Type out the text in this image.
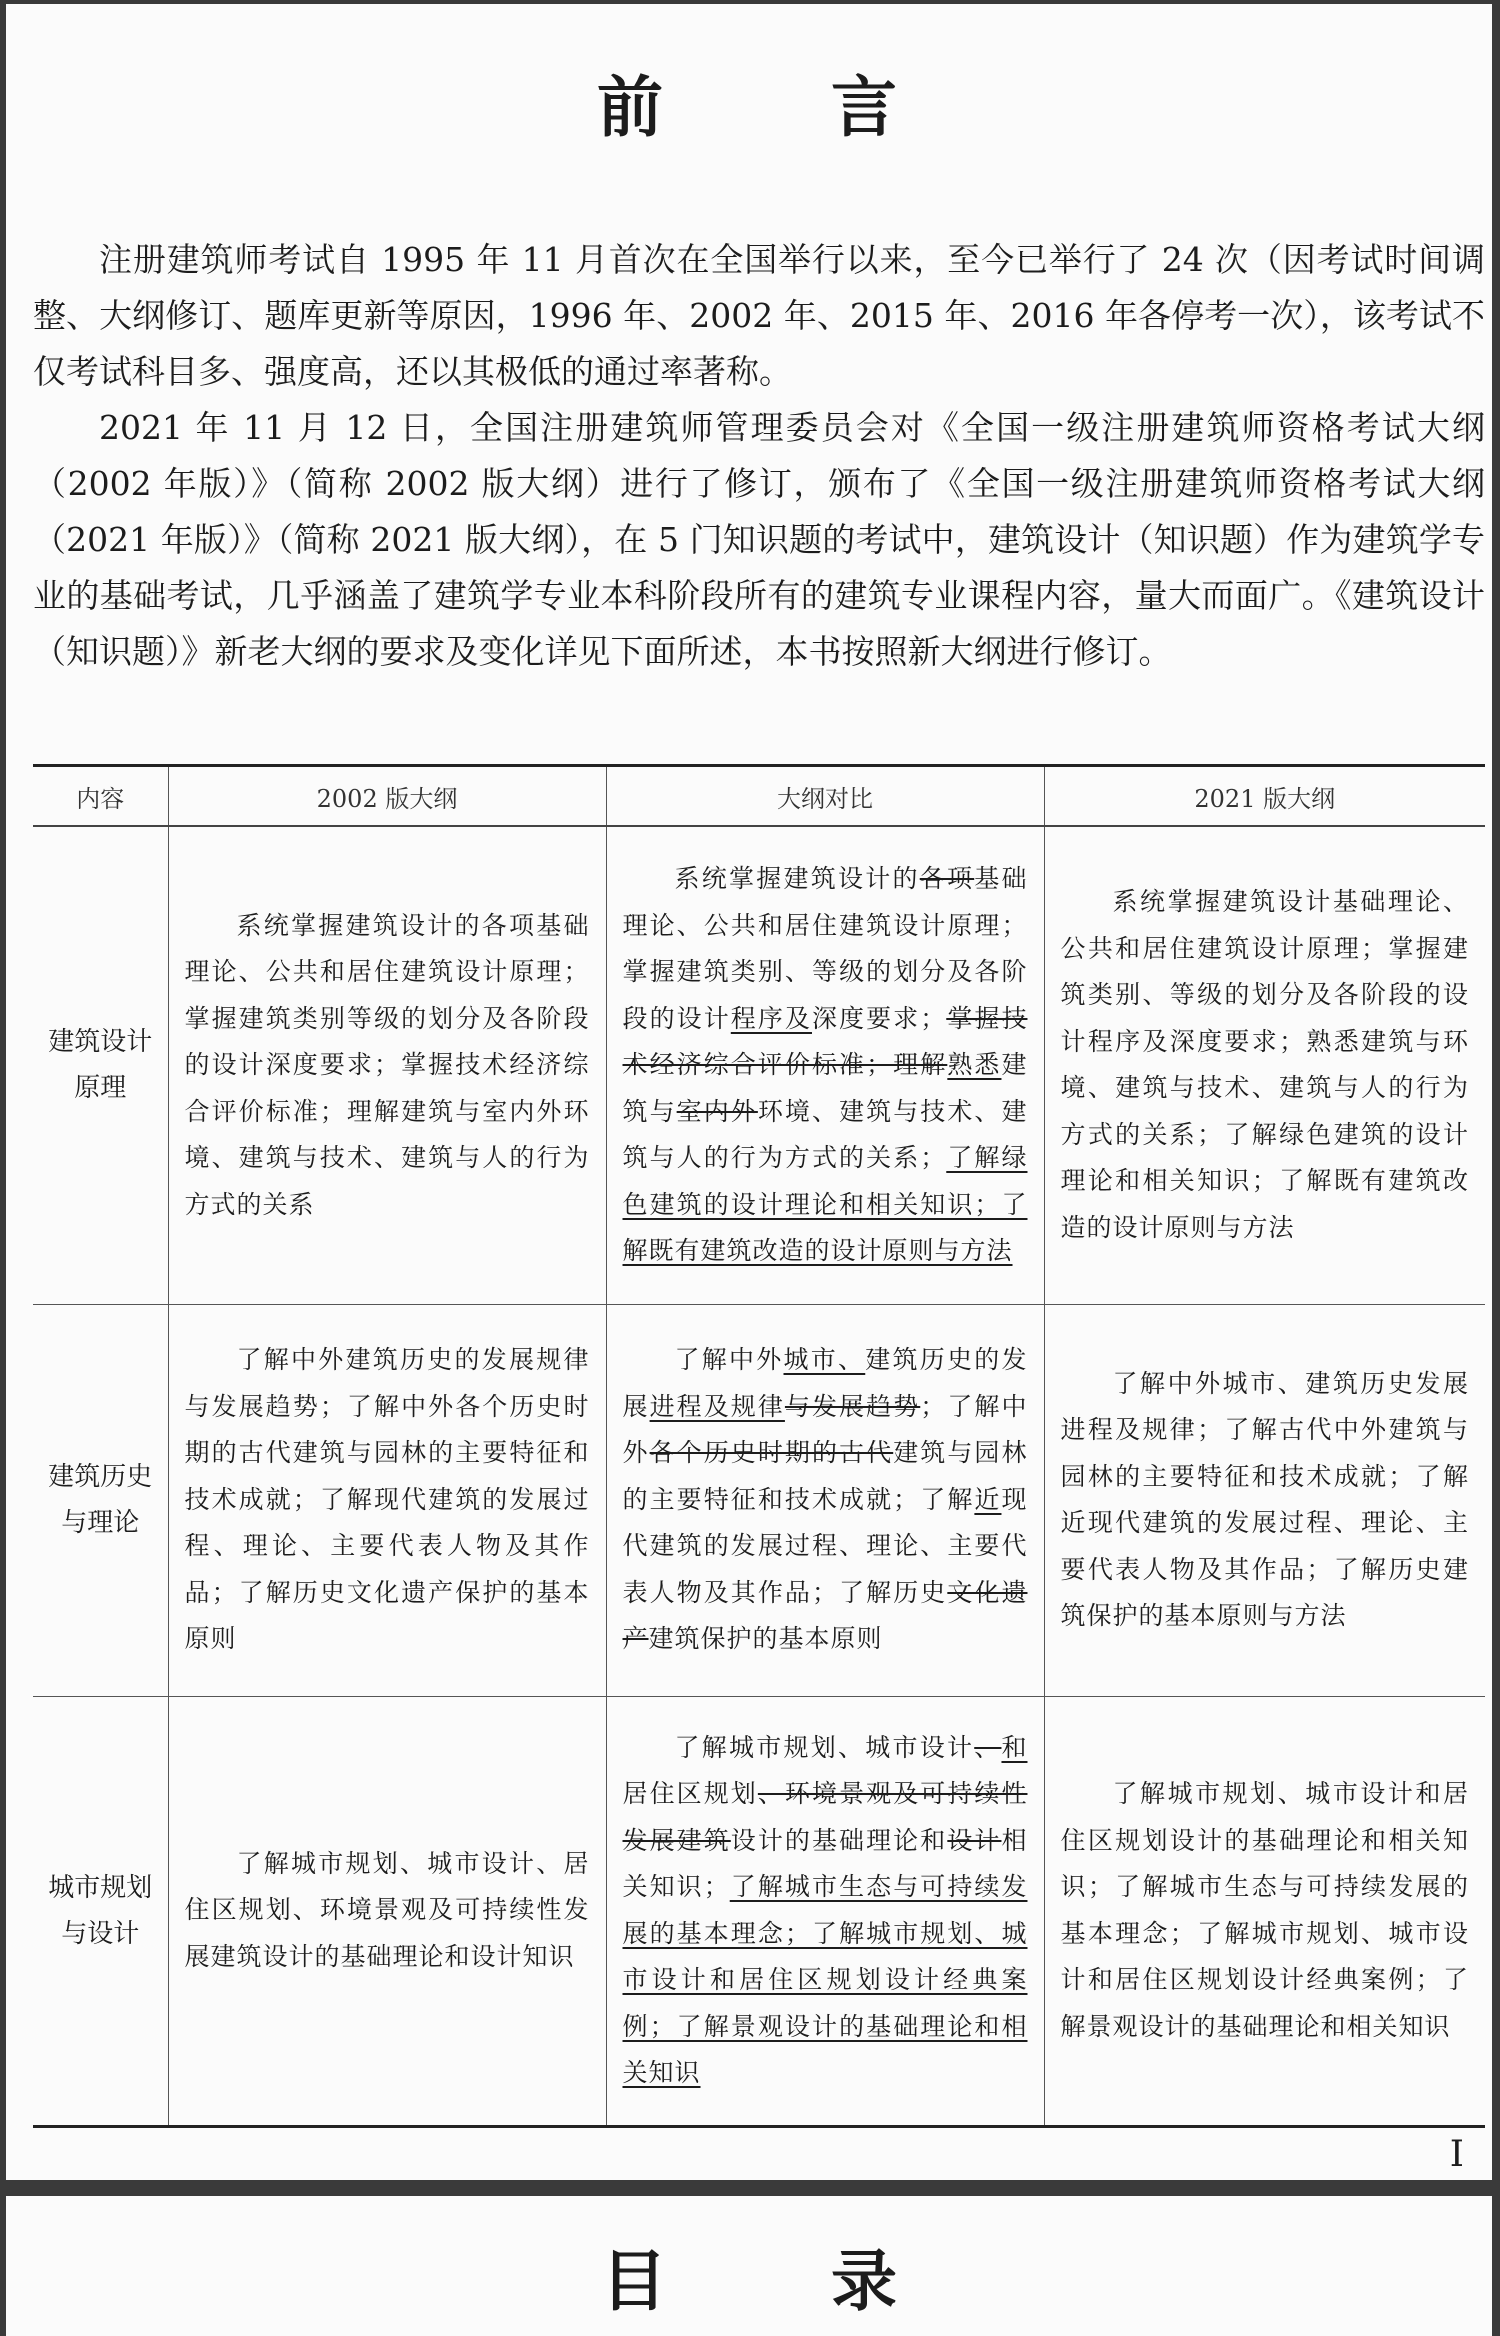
前 言

注册建筑师考试自 1995 年 11 月首次在全国举行以来，至今已举行了 24 次（因考试时间调整、大纲修订、题库更新等原因，1996 年、2002 年、2015 年、2016 年各停考一次），该考试不仅考试科目多、强度高，还以其极低的通过率著称。

2021 年 11 月 12 日，全国注册建筑师管理委员会对《全国一级注册建筑师资格考试大纲（2002 年版）》（简称 2002 版大纲）进行了修订，颁布了《全国一级注册建筑师资格考试大纲（2021 年版）》（简称 2021 版大纲），在 5 门知识题的考试中，建筑设计（知识题）作为建筑学专业的基础考试，几乎涵盖了建筑学专业本科阶段所有的建筑专业课程内容，量大而面广。《建筑设计（知识题）》新老大纲的要求及变化详见下面所述，本书按照新大纲进行修订。

内容	2002 版大纲	大纲对比	2021 版大纲

建筑设计
原理	系统掌握建筑设计的各项基础理论、公共和居住建筑设计原理；掌握建筑类别等级的划分及各阶段的设计深度要求；掌握技术经济综合评价标准；理解建筑与室内外环境、建筑与技术、建筑与人的行为方式的关系	系统掌握建筑设计的各项基础理论、公共和居住建筑设计原理；掌握建筑类别、等级的划分及各阶段的设计程序及深度要求；掌握技术经济综合评价标准；理解熟悉建筑与室内外环境、建筑与技术、建筑与人的行为方式的关系；了解绿色建筑的设计理论和相关知识；了解既有建筑改造的设计原则与方法	系统掌握建筑设计基础理论、公共和居住建筑设计原理；掌握建筑类别、等级的划分及各阶段的设计程序及深度要求；熟悉建筑与环境、建筑与技术、建筑与人的行为方式的关系；了解绿色建筑的设计理论和相关知识；了解既有建筑改造的设计原则与方法

建筑历史
与理论	了解中外建筑历史的发展规律与发展趋势；了解中外各个历史时期的古代建筑与园林的主要特征和技术成就；了解现代建筑的发展过程、理论、主要代表人物及其作品；了解历史文化遗产保护的基本原则	了解中外城市、建筑历史的发展进程及规律与发展趋势；了解中外各个历史时期的古代建筑与园林的主要特征和技术成就；了解近现代建筑的发展过程、理论、主要代表人物及其作品；了解历史文化遗产建筑保护的基本原则	了解中外城市、建筑历史发展进程及规律；了解古代中外建筑与园林的主要特征和技术成就；了解近现代建筑的发展过程、理论、主要代表人物及其作品；了解历史建筑保护的基本原则与方法

城市规划
与设计	了解城市规划、城市设计、居住区规划、环境景观及可持续性发展建筑设计的基础理论和设计知识	了解城市规划、城市设计、和居住区规划、环境景观及可持续性发展建筑设计的基础理论和设计相关知识；了解城市生态与可持续发展的基本理念；了解城市规划、城市设计和居住区规划设计经典案例；了解景观设计的基础理论和相关知识	了解城市规划、城市设计和居住区规划设计的基础理论和相关知识；了解城市生态与可持续发展的基本理念；了解城市规划、城市设计和居住区规划设计经典案例；了解景观设计的基础理论和相关知识
I
目 录
